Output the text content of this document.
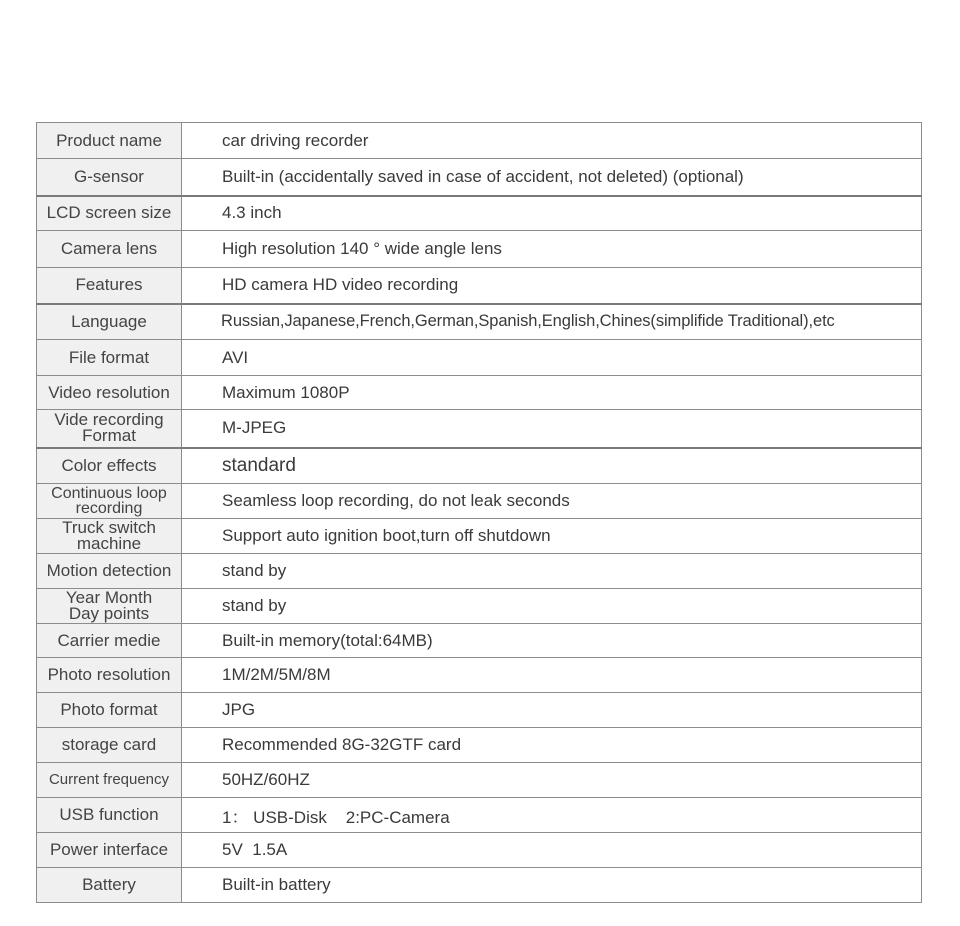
Product name	car driving recorder
G-sensor	Built-in (accidentally saved in case of accident, not deleted) (optional)
LCD screen size	4.3 inch
Camera lens	High resolution 140 ° wide angle lens
Features	HD camera HD video recording
Language	Russian,Japanese,French,German,Spanish,English,Chines(simplifide Traditional),etc
File format	AVI
Video resolution	Maximum 1080P

Vide recording
Format	M-JPEG
Color effects	standard

Continuous loop
recording	Seamless loop recording, do not leak seconds

Truck switch
machine	Support auto ignition boot,turn off shutdown
Motion detection	stand by

Year Month
Day points	stand by
Carrier medie	Built-in memory(total:64MB)
Photo resolution	1M/2M/5M/8M
Photo format	JPG
storage card	Recommended 8G-32GTF card
Current frequency	50HZ/60HZ
USB function	1： USB-Disk    2:PC-Camera
Power interface	5V  1.5A
Battery	Built-in battery
